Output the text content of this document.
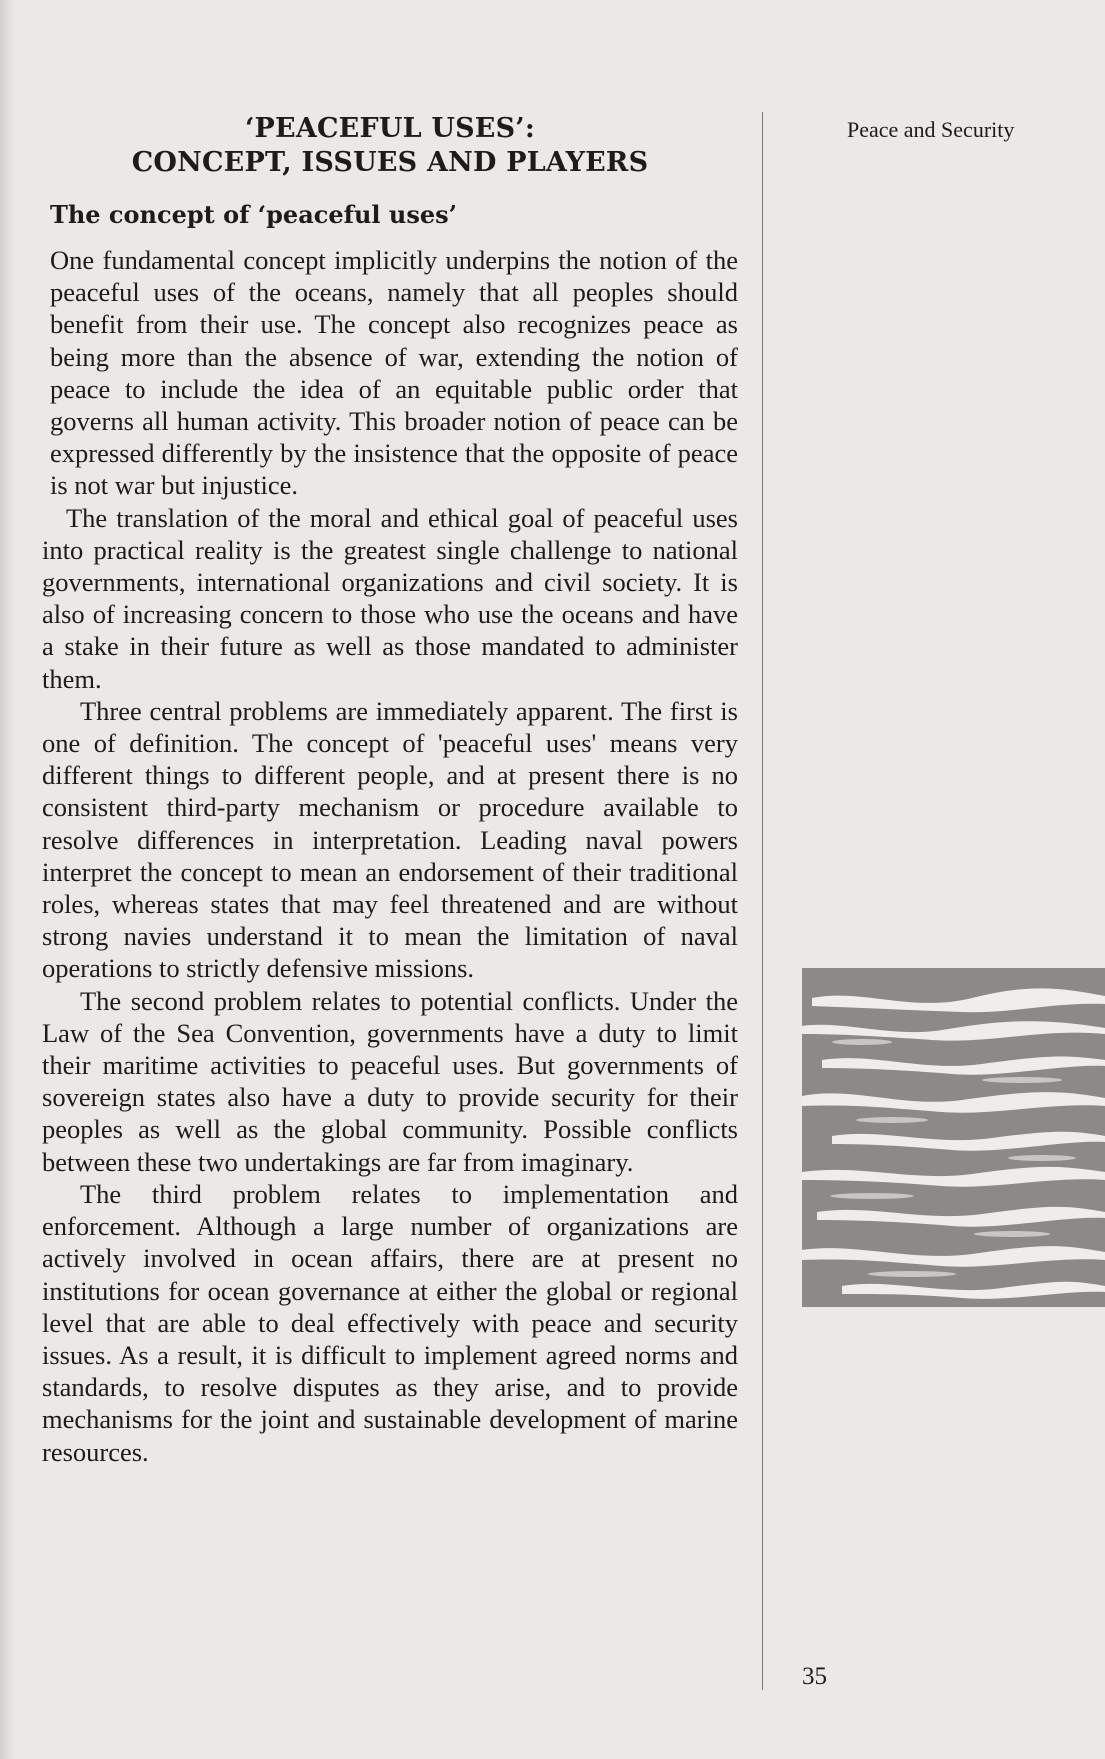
‘PEACEFUL USES’:
CONCEPT, ISSUES AND PLAYERS
The concept of ‘peaceful uses’

One fundamental concept implicitly underpins the notion of the peaceful uses of the oceans, namely that all peoples should benefit from their use. The concept also recognizes peace as being more than the absence of war, extending the notion of peace to include the idea of an equitable public order that governs all human activity. This broader notion of peace can be expressed differently by the insistence that the opposite of peace is not war but injustice.

The translation of the moral and ethical goal of peaceful uses into practical reality is the greatest single challenge to national governments, international organizations and civil society. It is also of increasing concern to those who use the oceans and have a stake in their future as well as those mandated to administer them.

Three central problems are immediately apparent. The first is one of definition. The concept of 'peaceful uses' means very different things to different people, and at present there is no consistent third-party mechanism or procedure available to resolve differences in interpretation. Leading naval powers interpret the concept to mean an endorsement of their traditional roles, whereas states that may feel threatened and are without strong navies understand it to mean the limitation of naval operations to strictly defensive missions.

The second problem relates to potential conflicts. Under the Law of the Sea Convention, governments have a duty to limit their maritime activities to peaceful uses. But governments of sovereign states also have a duty to provide security for their peoples as well as the global community. Possible conflicts between these two undertakings are far from imaginary.

The third problem relates to implementation and enforcement. Although a large number of organizations are actively involved in ocean affairs, there are at present no institutions for ocean governance at either the global or regional level that are able to deal effectively with peace and security issues. As a result, it is difficult to implement agreed norms and standards, to resolve disputes as they arise, and to provide mechanisms for the joint and sustainable development of marine resources.

Peace and Security
35
